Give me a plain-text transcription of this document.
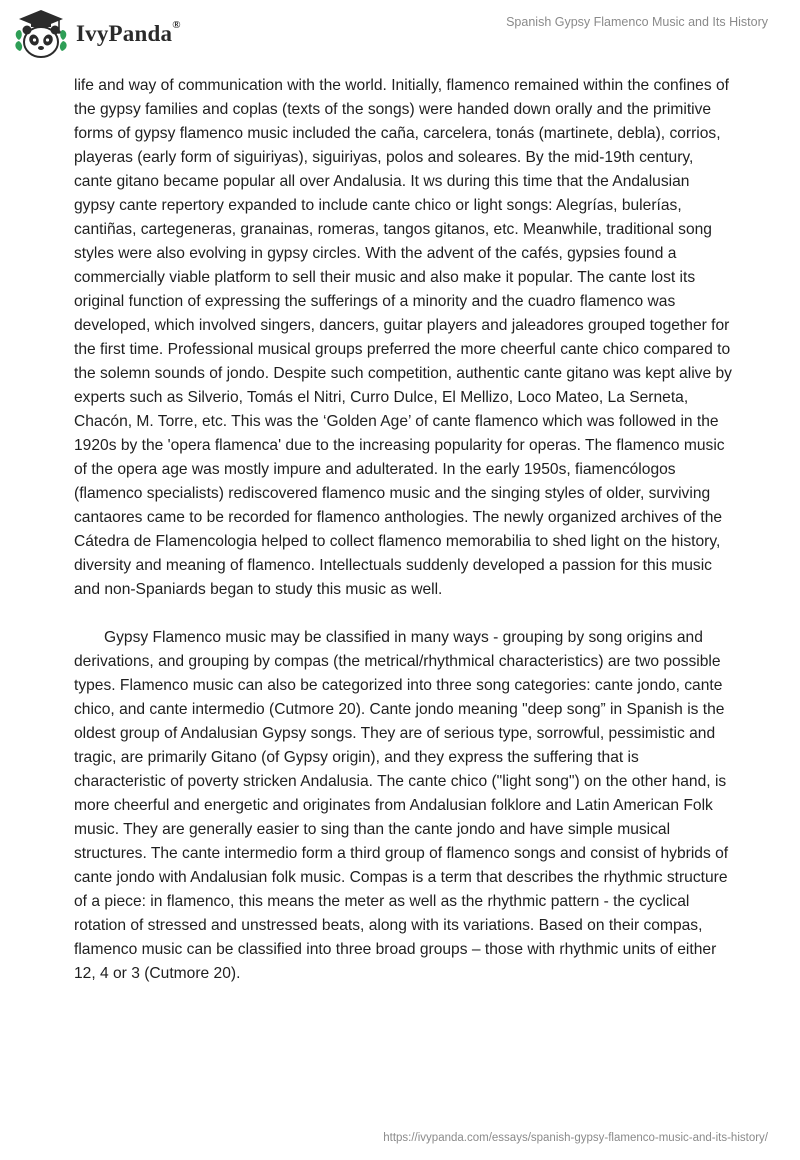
IvyPanda®	Spanish Gypsy Flamenco Music and Its History

life and way of communication with the world. Initially, flamenco remained within the confines of the gypsy families and coplas (texts of the songs) were handed down orally and the primitive forms of gypsy flamenco music included the caña, carcelera, tonás (martinete, debla), corrios, playeras (early form of siguiriyas), siguiriyas, polos and soleares. By the mid-19th century, cante gitano became popular all over Andalusia. It ws during this time that the Andalusian gypsy cante repertory expanded to include cante chico or light songs: Alegrías, bulerías, cantiñas, cartegeneras, granainas, romeras, tangos gitanos, etc. Meanwhile, traditional song styles were also evolving in gypsy circles. With the advent of the cafés, gypsies found a commercially viable platform to sell their music and also make it popular. The cante lost its original function of expressing the sufferings of a minority and the cuadro flamenco was developed, which involved singers, dancers, guitar players and jaleadores grouped together for the first time. Professional musical groups preferred the more cheerful cante chico compared to the solemn sounds of jondo. Despite such competition, authentic cante gitano was kept alive by experts such as Silverio, Tomás el Nitri, Curro Dulce, El Mellizo, Loco Mateo, La Serneta, Chacón, M. Torre, etc. This was the ‘Golden Age’ of cante flamenco which was followed in the 1920s by the 'opera flamenca' due to the increasing popularity for operas. The flamenco music of the opera age was mostly impure and adulterated. In the early 1950s, fiamencólogos (flamenco specialists) rediscovered flamenco music and the singing styles of older, surviving cantaores came to be recorded for flamenco anthologies. The newly organized archives of the Cátedra de Flamencologia helped to collect flamenco memorabilia to shed light on the history, diversity and meaning of flamenco. Intellectuals suddenly developed a passion for this music and non-Spaniards began to study this music as well.

Gypsy Flamenco music may be classified in many ways - grouping by song origins and derivations, and grouping by compas (the metrical/rhythmical characteristics) are two possible types. Flamenco music can also be categorized into three song categories: cante jondo, cante chico, and cante intermedio (Cutmore 20). Cante jondo meaning "deep song” in Spanish is the oldest group of Andalusian Gypsy songs. They are of serious type, sorrowful, pessimistic and tragic, are primarily Gitano (of Gypsy origin), and they express the suffering that is characteristic of poverty stricken Andalusia. The cante chico ("light song") on the other hand, is more cheerful and energetic and originates from Andalusian folklore and Latin American Folk music. They are generally easier to sing than the cante jondo and have simple musical structures. The cante intermedio form a third group of flamenco songs and consist of hybrids of cante jondo with Andalusian folk music. Compas is a term that describes the rhythmic structure of a piece: in flamenco, this means the meter as well as the rhythmic pattern - the cyclical rotation of stressed and unstressed beats, along with its variations. Based on their compas, flamenco music can be classified into three broad groups – those with rhythmic units of either 12, 4 or 3 (Cutmore 20).

https://ivypanda.com/essays/spanish-gypsy-flamenco-music-and-its-history/
